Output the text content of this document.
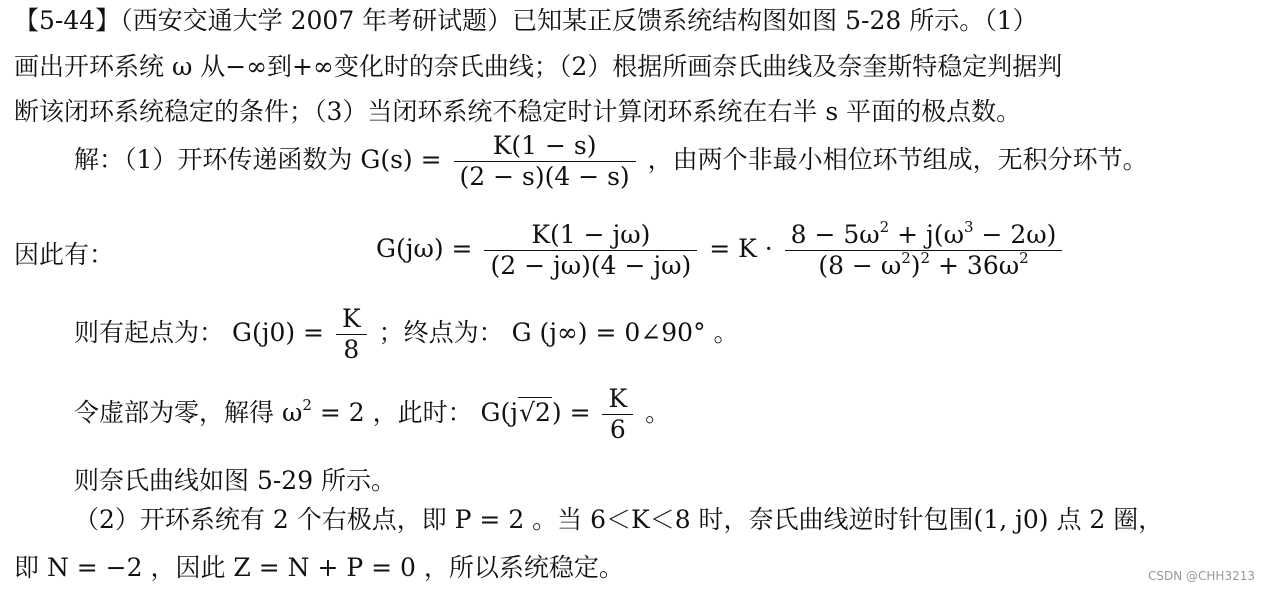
【5-44】（西安交通大学 2007 年考研试题）已知某正反馈系统结构图如图 5-28 所示。（1）
画出开环系统 ω 从−∞到+∞变化时的奈氏曲线；（2）根据所画奈氏曲线及奈奎斯特稳定判据判
断该闭环系统稳定的条件；（3）当闭环系统不稳定时计算闭环系统在右半 s 平面的极点数。
解：（1）开环传递函数为 $G(s) = \frac{K(1 - s)}{(2 - s)(4 - s)}$ ，由两个非最小相位环节组成，无积分环节。
因此有：	$G(j\omega) = \frac{K(1 - j\omega)}{(2 - j\omega)(4 - j\omega)} = K \cdot \frac{8 - 5\omega^2 + j(\omega^3 - 2\omega)}{(8 - \omega^2)^2 + 36\omega^2}$
则有起点为： $G(j0) = \frac{K}{8}$ ；终点为： G (j∞) = 0∠90° 。
令虚部为零，解得 $\omega^2 = 2$ ，此时： $G(j√2) = \frac{K}{6}$ 。
则奈氏曲线如图 5-29 所示。
（2）开环系统有 2 个右极点，即 P = 2 。当 6＜K＜8 时，奈氏曲线逆时针包围(1, j0) 点 2 圈，
即 N = −2 ，因此 Z = N + P = 0 ，所以系统稳定。	CSDN @CHH3213
